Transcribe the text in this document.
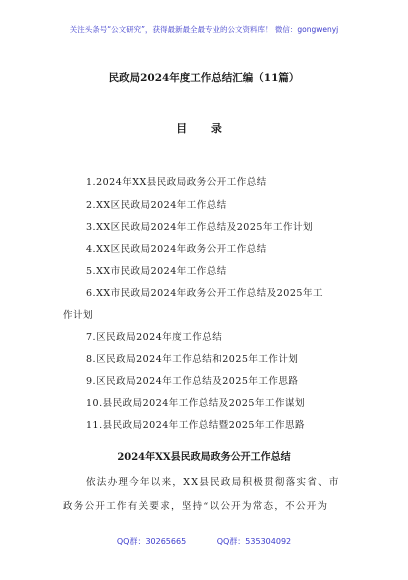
关注头条号“公文研究”，获得最新最全最专业的公文资料库！ 微信：gongwenyj
民政局2024年度工作总结汇编（11篇）
目 录
1.2024年XX县民政局政务公开工作总结
2.XX区民政局2024年工作总结
3.XX区民政局2024年工作总结及2025年工作计划
4.XX区民政局2024年政务公开工作总结
5.XX市民政局2024年工作总结
6.XX市民政局2024年政务公开工作总结及2025年工
作计划
7.区民政局2024年度工作总结
8.区民政局2024年工作总结和2025年工作计划
9.区民政局2024年工作总结及2025年工作思路
10.县民政局2024年工作总结及2025年工作谋划
11.县民政局2024年工作总结暨2025年工作思路
2024年XX县民政局政务公开工作总结
依法办理今年以来，XX县民政局积极贯彻落实省、市
政务公开工作有关要求，坚持“以公开为常态，不公开为
QQ群：30265665	QQ群：535304092
